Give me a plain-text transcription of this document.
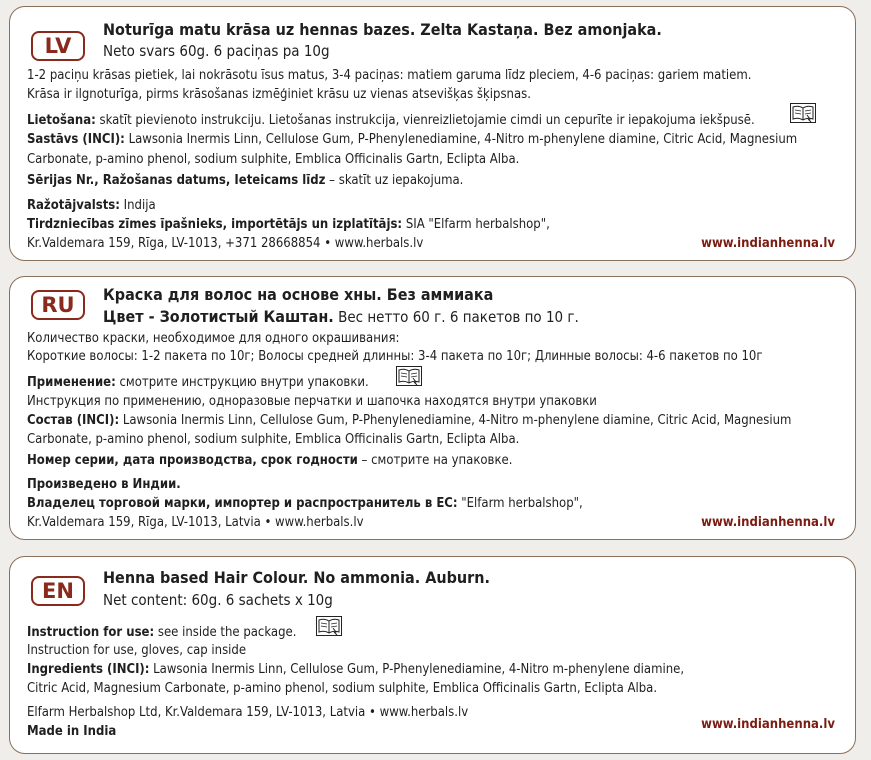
LV
Noturīga matu krāsa uz hennas bazes. Zelta Kastaņa. Bez amonjaka.
Neto svars 60g. 6 paciņas pa 10g
1-2 paciņu krāsas pietiek, lai nokrāsotu īsus matus, 3-4 paciņas: matiem garuma līdz pleciem, 4-6 paciņas: gariem matiem.
Krāsa ir ilgnoturīga, pirms krāsošanas izmēģiniet krāsu uz vienas atsevišķas šķipsnas.
Lietošana: skatīt pievienoto instrukciju. Lietošanas instrukcija, vienreizlietojamie cimdi un cepurīte ir iepakojuma iekšpusē.
Sastāvs (INCI): Lawsonia Inermis Linn, Cellulose Gum, P-Phenylenediamine, 4-Nitro m-phenylene diamine, Citric Acid, Magnesium
Carbonate, p-amino phenol, sodium sulphite, Emblica Officinalis Gartn, Eclipta Alba.
Sērijas Nr., Ražošanas datums, Ieteicams līdz – skatīt uz iepakojuma.
Ražotājvalsts: Indija
Tirdzniecības zīmes īpašnieks, importētājs un izplatītājs: SIA "Elfarm herbalshop",
Kr.Valdemara 159, Rīga, LV-1013, +371 28668854 • www.herbals.lv	www.indianhenna.lv
RU	Краска для волос на основе хны. Без аммиака
Цвет - Золотистый Каштан. Вес нетто 60 г. 6 пакетов по 10 г.
Количество краски, необходимое для одного окрашивания:
Короткие волосы: 1-2 пакета по 10г; Волосы средней длинны: 3-4 пакета по 10г; Длинные волосы: 4-6 пакетов по 10г
Применение: смотрите инструкцию внутри упаковки.
Инструкция по применению, одноразовые перчатки и шапочка находятся внутри упаковки
Состав (INCI): Lawsonia Inermis Linn, Cellulose Gum, P-Phenylenediamine, 4-Nitro m-phenylene diamine, Citric Acid, Magnesium
Carbonate, p-amino phenol, sodium sulphite, Emblica Officinalis Gartn, Eclipta Alba.
Номер серии, дата производства, срок годности – смотрите на упаковке.
Произведено в Индии.
Владелец торговой марки, импортер и распространитель в ЕС: "Elfarm herbalshop",
Kr.Valdemara 159, Rīga, LV-1013, Latvia • www.herbals.lv	www.indianhenna.lv
EN
Henna based Hair Colour. No ammonia. Auburn.
Net content: 60g. 6 sachets x 10g
Instruction for use: see inside the package.
Instruction for use, gloves, cap inside
Ingredients (INCI): Lawsonia Inermis Linn, Cellulose Gum, P-Phenylenediamine, 4-Nitro m-phenylene diamine,
Citric Acid, Magnesium Carbonate, p-amino phenol, sodium sulphite, Emblica Officinalis Gartn, Eclipta Alba.
Elfarm Herbalshop Ltd, Kr.Valdemara 159, LV-1013, Latvia • www.herbals.lv
Made in India	www.indianhenna.lv
